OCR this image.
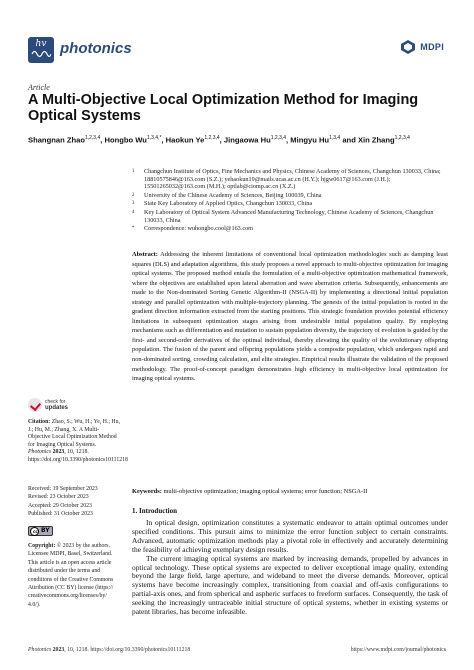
hv photonics	MDPI
Article
A Multi-Objective Local Optimization Method for Imaging Optical Systems
Shangnan Zhao$^{1,2,3,4}$, Hongbo $Wu^{1,3,4,*}$, Haokun Ye$^{1,2,3,4}$, Jingaowa Hu$^{1,2,3,4}$, Mingyu Hu$^{1,3,4}$ and Xin Zhang$^{1,2,3,4}$
1	Changchun Institute of Optics, Fine Mechanics and Physics, Chinese Academy of Sciences, Changchun 130033, China; 18810575846@163.com (S.Z.); yehaokun19@mails.ucas.ac.cn (H.Y.); hjgw0617@163.com (J.H.); 15501265032@163.com (M.H.); optlab@ciomp.ac.cn (X.Z.)
2	University of the Chinese Academy of Sciences, Beijing 100039, China
3	State Key Laboratory of Applied Optics, Changchun 130033, China
4	Key Laboratory of Optical System Advanced Manufacturing Technology, Chinese Academy of Sciences, Changchun 130033, China
*	Correspondence: wuhongbo.cool@163.com
Abstract: Addressing the inherent limitations of conventional local optimization methodologies such as damping least squares (DLS) and adaptation algorithms, this study proposes a novel approach to multi-objective optimization for imaging optical systems. The proposed method entails the formulation of a multi-objective optimization mathematical framework, where the objectives are established upon lateral aberration and wave aberration criteria. Subsequently, enhancements are made to the Non-dominated Sorting Genetic Algorithm-II (NSGA-II) by implementing a directional initial population strategy and parallel optimization with multiple-trajectory planning. The genesis of the initial population is rooted in the gradient direction information extracted from the starting positions. This strategic foundation provides potential efficiency limitations in subsequent optimization stages arising from undesirable initial population quality. By employing mechanisms such as differentiation and mutation to sustain population diversity, the trajectory of evolution is guided by the first- and second-order derivatives of the optimal individual, thereby elevating the quality of the evolutionary offspring population. The fusion of the parent and offspring populations yields a composite population, which undergoes rapid and non-dominated sorting, crowding calculation, and elite strategies. Empirical results illustrate the validation of the proposed methodology. The proof-of-concept paradigm demonstrates high efficiency in multi-objective local optimization for imaging optical systems.
Keywords: multi-objective optimization; imaging optical systems; error function; NSGA-II
check for
updates
Citation: Zhao, S.; Wu, H.; Ye, H.; Hu, J.; Hu, M.; Zhang, X. A Multi-Objective Local Optimization Method for Imaging Optical Systems. Photonics 2023, 10, 1218. https://doi.org/10.3390/photonics10111218
Received: 19 September 2023
Revised: 23 October 2023
Accepted: 29 October 2023
Published: 31 October 2023
cc BY
Copyright: © 2023 by the authors. Licensee MDPI, Basel, Switzerland. This article is an open access article distributed under the terms and conditions of the Creative Commons Attribution (CC BY) license (https:// creativecommons.org/licenses/by/ 4.0/).
1. Introduction

In optical design, optimization constitutes a systematic endeavor to attain optimal outcomes under specified conditions. This pursuit aims to minimize the error function subject to certain constraints. Advanced, automatic optimization methods play a pivotal role in effectively and accurately determining the feasibility of achieving exemplary design results.

The current imaging optical systems are marked by increasing demands, propelled by advances in optical technology. These optical systems are expected to deliver exceptional image quality, extending beyond the large field, large aperture, and wideband to meet the diverse demands. Moreover, optical systems have become increasingly complex, transitioning from coaxial and off-axis configurations to partial-axis ones, and from spherical and aspheric surfaces to freeform surfaces. Consequently, the task of seeking the increasingly untraceable initial structure of optical systems, whether in existing systems or patent libraries, has become infeasible.

Photonics 2023, 10, 1218. https://doi.org/10.3390/photonics10111218	https://www.mdpi.com/journal/photonics
